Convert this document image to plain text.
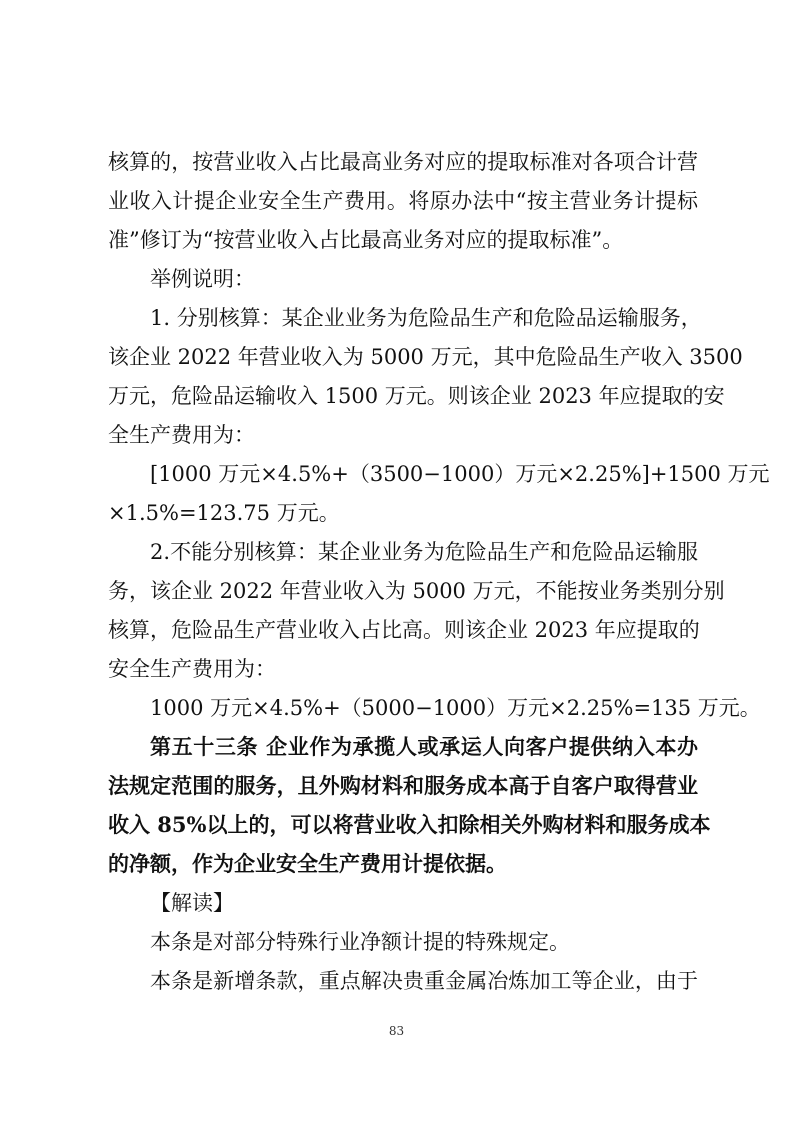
核算的，按营业收入占比最高业务对应的提取标准对各项合计营
业收入计提企业安全生产费用。将原办法中“按主营业务计提标
准”修订为“按营业收入占比最高业务对应的提取标准”。
举例说明：
1. 分别核算：某企业业务为危险品生产和危险品运输服务，
该企业 2022 年营业收入为 5000 万元，其中危险品生产收入 3500
万元，危险品运输收入 1500 万元。则该企业 2023 年应提取的安
全生产费用为：
[1000 万元×4.5%+（3500−1000）万元×2.25%]+1500 万元
×1.5%=123.75 万元。
2.不能分别核算：某企业业务为危险品生产和危险品运输服
务，该企业 2022 年营业收入为 5000 万元，不能按业务类别分别
核算，危险品生产营业收入占比高。则该企业 2023 年应提取的
安全生产费用为：
1000 万元×4.5%+（5000−1000）万元×2.25%=135 万元。
第五十三条 企业作为承揽人或承运人向客户提供纳入本办
法规定范围的服务，且外购材料和服务成本高于自客户取得营业
收入 85%以上的，可以将营业收入扣除相关外购材料和服务成本
的净额，作为企业安全生产费用计提依据。
【解读】
本条是对部分特殊行业净额计提的特殊规定。
本条是新增条款，重点解决贵重金属冶炼加工等企业，由于
83
